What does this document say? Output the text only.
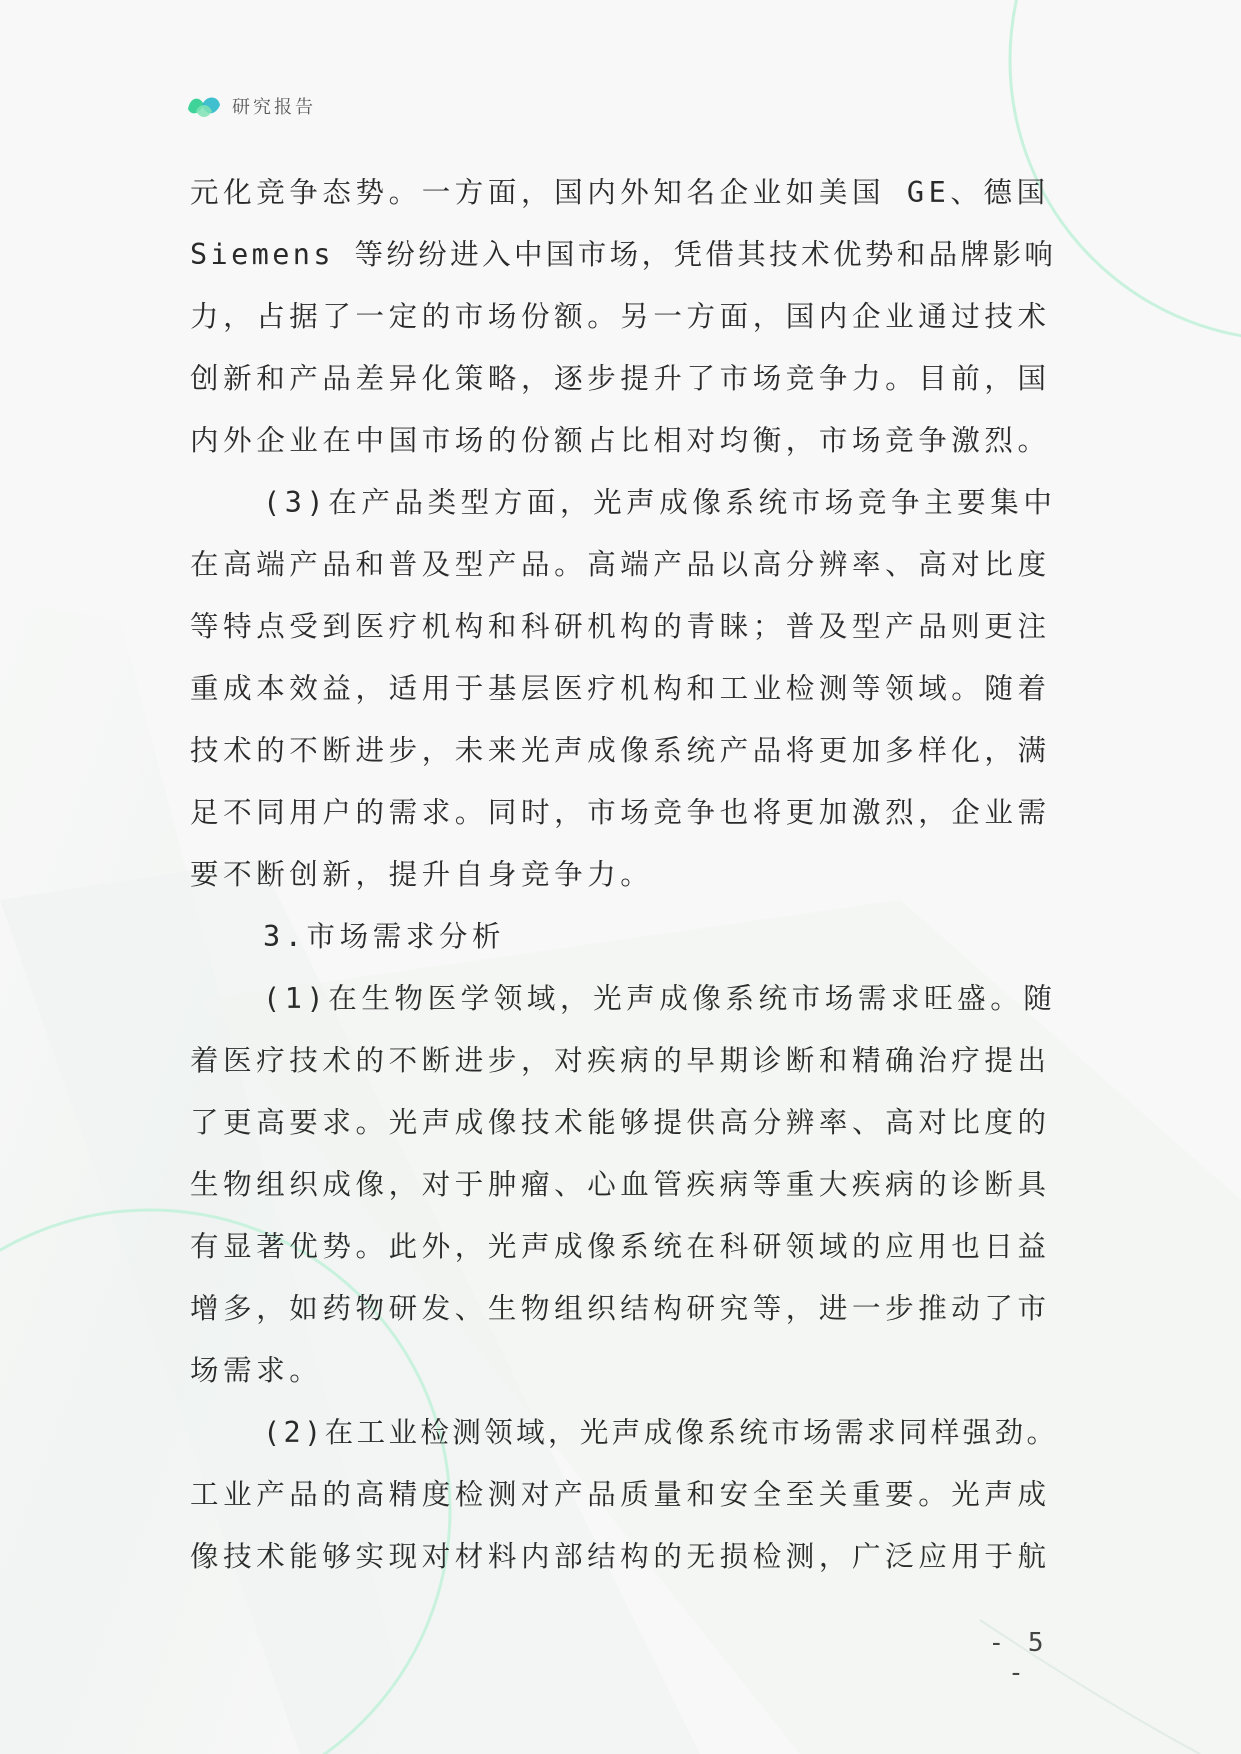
研究报告
元化竞争态势。一方面，国内外知名企业如美国 GE、德国
Siemens 等纷纷进入中国市场，凭借其技术优势和品牌影响
力，占据了一定的市场份额。另一方面，国内企业通过技术
创新和产品差异化策略，逐步提升了市场竞争力。目前，国
内外企业在中国市场的份额占比相对均衡，市场竞争激烈。
(3)在产品类型方面，光声成像系统市场竞争主要集中
在高端产品和普及型产品。高端产品以高分辨率、高对比度
等特点受到医疗机构和科研机构的青睐；普及型产品则更注
重成本效益，适用于基层医疗机构和工业检测等领域。随着
技术的不断进步，未来光声成像系统产品将更加多样化，满
足不同用户的需求。同时，市场竞争也将更加激烈，企业需
要不断创新，提升自身竞争力。
3.市场需求分析
(1)在生物医学领域，光声成像系统市场需求旺盛。随
着医疗技术的不断进步，对疾病的早期诊断和精确治疗提出
了更高要求。光声成像技术能够提供高分辨率、高对比度的
生物组织成像，对于肿瘤、心血管疾病等重大疾病的诊断具
有显著优势。此外，光声成像系统在科研领域的应用也日益
增多，如药物研发、生物组织结构研究等，进一步推动了市
场需求。
(2)在工业检测领域，光声成像系统市场需求同样强劲。
工业产品的高精度检测对产品质量和安全至关重要。光声成
像技术能够实现对材料内部结构的无损检测，广泛应用于航
- 5 -
